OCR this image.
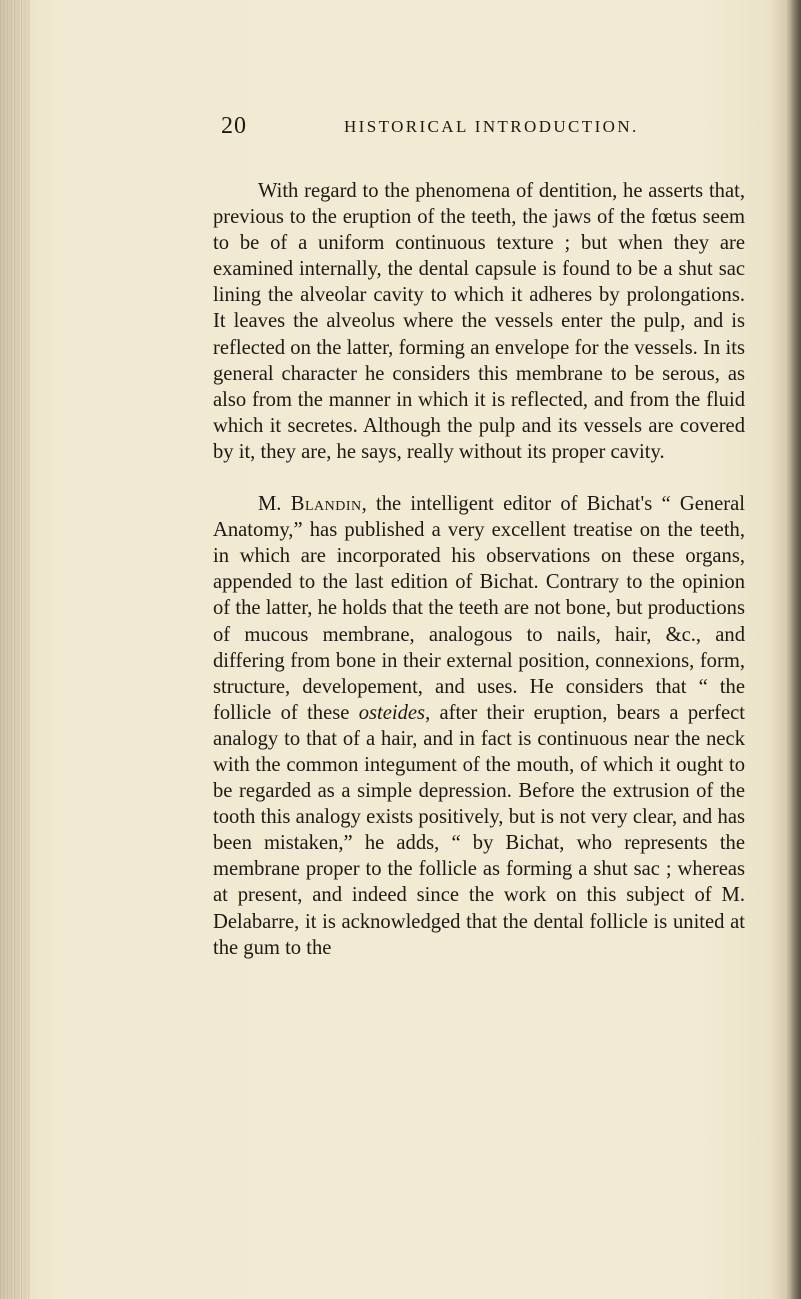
20	HISTORICAL INTRODUCTION.

With regard to the phenomena of dentition, he asserts that, previous to the eruption of the teeth, the jaws of the fœtus seem to be of a uniform continuous texture ; but when they are examined internally, the dental capsule is found to be a shut sac lining the alveolar cavity to which it adheres by prolongations. It leaves the alveolus where the vessels enter the pulp, and is reflected on the latter, forming an envelope for the vessels. In its general character he considers this membrane to be serous, as also from the manner in which it is reflected, and from the fluid which it secretes. Although the pulp and its vessels are covered by it, they are, he says, really without its proper cavity.

M. Blandin, the intelligent editor of Bichat's “ General Anatomy,” has published a very excellent treatise on the teeth, in which are incorporated his observations on these organs, appended to the last edition of Bichat. Contrary to the opinion of the latter, he holds that the teeth are not bone, but productions of mucous membrane, analogous to nails, hair, &c., and differing from bone in their external position, connexions, form, structure, developement, and uses. He considers that “ the follicle of these osteides, after their eruption, bears a perfect analogy to that of a hair, and in fact is continuous near the neck with the common integument of the mouth, of which it ought to be regarded as a simple depression. Before the extrusion of the tooth this analogy exists positively, but is not very clear, and has been mistaken,” he adds, “ by Bichat, who represents the membrane proper to the follicle as forming a shut sac ; whereas at present, and indeed since the work on this subject of M. Delabarre, it is acknowledged that the dental follicle is united at the gum to the
